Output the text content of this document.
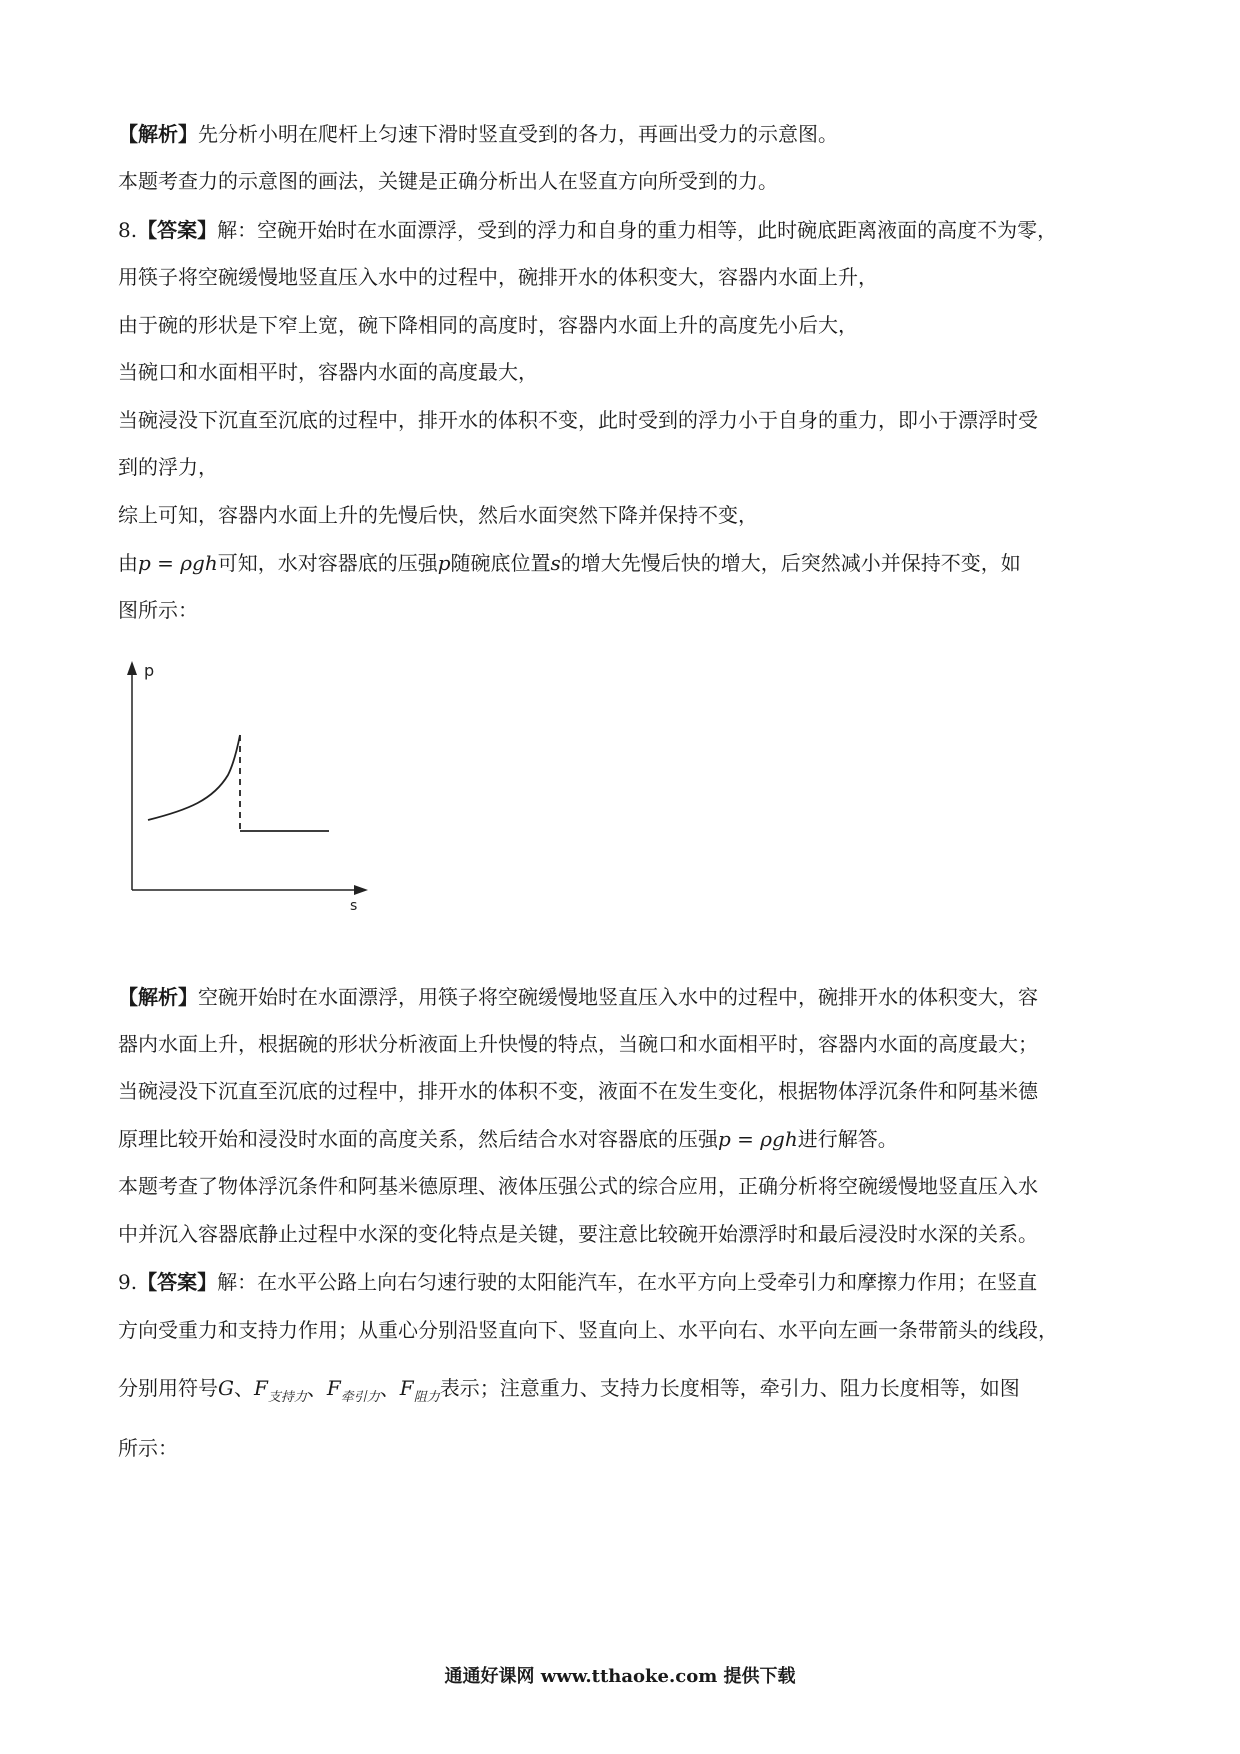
【解析】先分析小明在爬杆上匀速下滑时竖直受到的各力，再画出受力的示意图。
本题考查力的示意图的画法，关键是正确分析出人在竖直方向所受到的力。
8.【答案】解：空碗开始时在水面漂浮，受到的浮力和自身的重力相等，此时碗底距离液面的高度不为零，
用筷子将空碗缓慢地竖直压入水中的过程中，碗排开水的体积变大，容器内水面上升，
由于碗的形状是下窄上宽，碗下降相同的高度时，容器内水面上升的高度先小后大，
当碗口和水面相平时，容器内水面的高度最大，
当碗浸没下沉直至沉底的过程中，排开水的体积不变，此时受到的浮力小于自身的重力，即小于漂浮时受
到的浮力，
综上可知，容器内水面上升的先慢后快，然后水面突然下降并保持不变，
由p = ρgh可知，水对容器底的压强p随碗底位置s的增大先慢后快的增大，后突然减小并保持不变，如
图所示：
p
s
【解析】空碗开始时在水面漂浮，用筷子将空碗缓慢地竖直压入水中的过程中，碗排开水的体积变大，容
器内水面上升，根据碗的形状分析液面上升快慢的特点，当碗口和水面相平时，容器内水面的高度最大；
当碗浸没下沉直至沉底的过程中，排开水的体积不变，液面不在发生变化，根据物体浮沉条件和阿基米德
原理比较开始和浸没时水面的高度关系，然后结合水对容器底的压强p = ρgh进行解答。
本题考查了物体浮沉条件和阿基米德原理、液体压强公式的综合应用，正确分析将空碗缓慢地竖直压入水
中并沉入容器底静止过程中水深的变化特点是关键，要注意比较碗开始漂浮时和最后浸没时水深的关系。
9.【答案】解：在水平公路上向右匀速行驶的太阳能汽车，在水平方向上受牵引力和摩擦力作用；在竖直
方向受重力和支持力作用；从重心分别沿竖直向下、竖直向上、水平向右、水平向左画一条带箭头的线段，
分别用符号G、$F_{支持力}$、$F_{牵引力}$、$F_{阻力}$表示；注意重力、支持力长度相等，牵引力、阻力长度相等，如图
所示：
通通好课网 www.tthaoke.com 提供下载
